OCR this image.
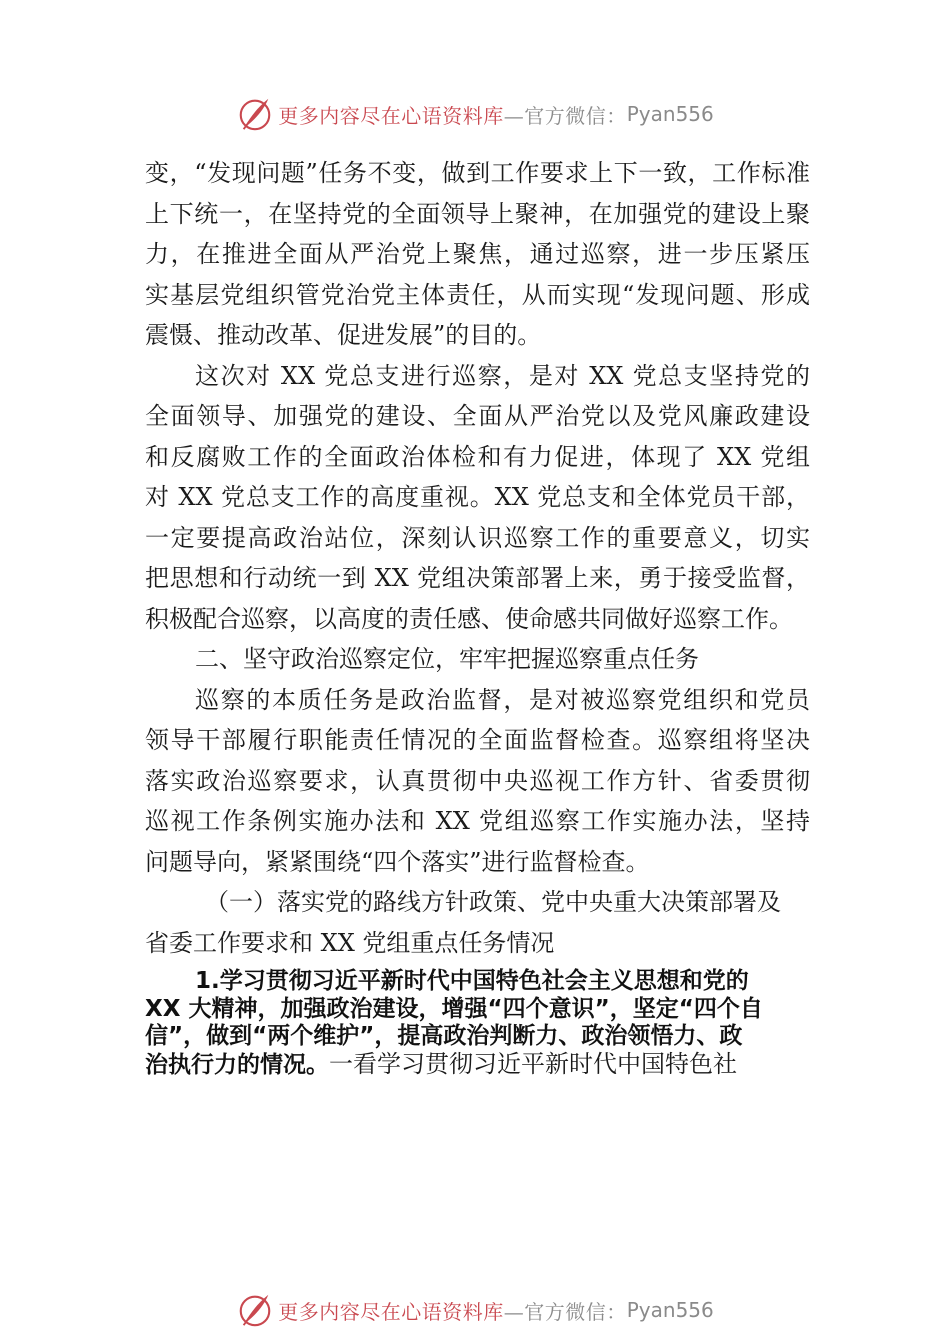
更多内容尽在心语资料库 —官方微信： Pyan556
变，“发现问题”任务不变，做到工作要求上下一致，工作标准
上下统一，在坚持党的全面领导上聚神，在加强党的建设上聚
力，在推进全面从严治党上聚焦，通过巡察，进一步压紧压
实基层党组织管党治党主体责任，从而实现“发现问题、形成
震慑、推动改革、促进发展”的目的。
这次对 XX 党总支进行巡察，是对 XX 党总支坚持党的
全面领导、加强党的建设、全面从严治党以及党风廉政建设
和反腐败工作的全面政治体检和有力促进，体现了 XX 党组
对 XX 党总支工作的高度重视。XX 党总支和全体党员干部，
一定要提高政治站位，深刻认识巡察工作的重要意义，切实
把思想和行动统一到 XX 党组决策部署上来，勇于接受监督，
积极配合巡察，以高度的责任感、使命感共同做好巡察工作。
二、坚守政治巡察定位，牢牢把握巡察重点任务
巡察的本质任务是政治监督，是对被巡察党组织和党员
领导干部履行职能责任情况的全面监督检查。巡察组将坚决
落实政治巡察要求，认真贯彻中央巡视工作方针、省委贯彻
巡视工作条例实施办法和 XX 党组巡察工作实施办法，坚持
问题导向，紧紧围绕“四个落实”进行监督检查。
（一）落实党的路线方针政策、党中央重大决策部署及
省委工作要求和 XX 党组重点任务情况
1.学习贯彻习近平新时代中国特色社会主义思想和党的
XX 大精神，加强政治建设，增强“四个意识”，坚定“四个自
信”，做到“两个维护”，提高政治判断力、政治领悟力、政
治执行力的情况。一看学习贯彻习近平新时代中国特色社
更多内容尽在心语资料库 —官方微信： Pyan556
